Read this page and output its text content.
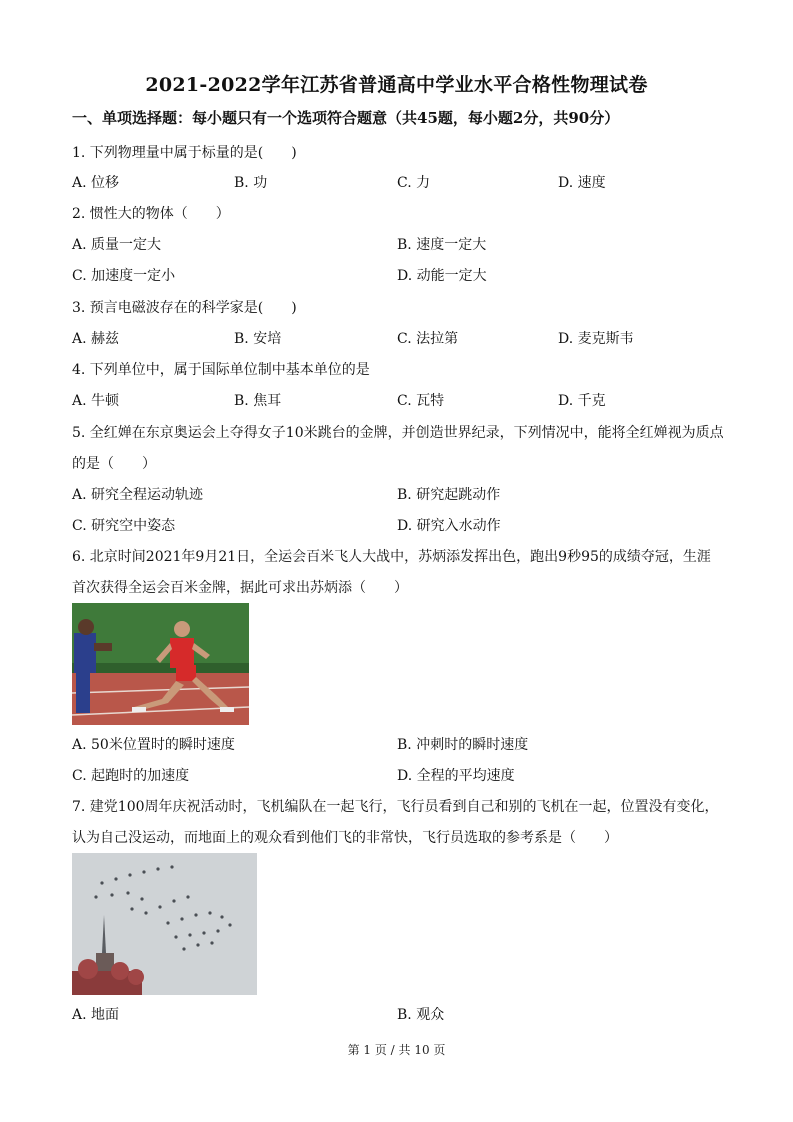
2021-2022学年江苏省普通高中学业水平合格性物理试卷
一、单项选择题：每小题只有一个选项符合题意（共45题，每小题2分，共90分）
1. 下列物理量中属于标量的是(　　)
A. 位移	B. 功	C. 力	D. 速度
2. 惯性大的物体（　　）
A. 质量一定大	B. 速度一定大
C. 加速度一定小	D. 动能一定大
3. 预言电磁波存在的科学家是(　　)
A. 赫兹	B. 安培	C. 法拉第	D. 麦克斯韦
4. 下列单位中，属于国际单位制中基本单位的是
A. 牛顿	B. 焦耳	C. 瓦特	D. 千克
5. 全红婵在东京奥运会上夺得女子10米跳台的金牌，并创造世界纪录，下列情况中，能将全红婵视为质点
的是（　　）
A. 研究全程运动轨迹	B. 研究起跳动作
C. 研究空中姿态	D. 研究入水动作
6. 北京时间2021年9月21日，全运会百米飞人大战中，苏炳添发挥出色，跑出9秒95的成绩夺冠，生涯
首次获得全运会百米金牌，据此可求出苏炳添（　　）
A. 50米位置时的瞬时速度	B. 冲刺时的瞬时速度
C. 起跑时的加速度	D. 全程的平均速度
7. 建党100周年庆祝活动时，飞机编队在一起飞行，飞行员看到自己和别的飞机在一起，位置没有变化，
认为自己没运动，而地面上的观众看到他们飞的非常快，飞行员选取的参考系是（　　）
A. 地面	B. 观众
第 1 页 / 共 10 页
